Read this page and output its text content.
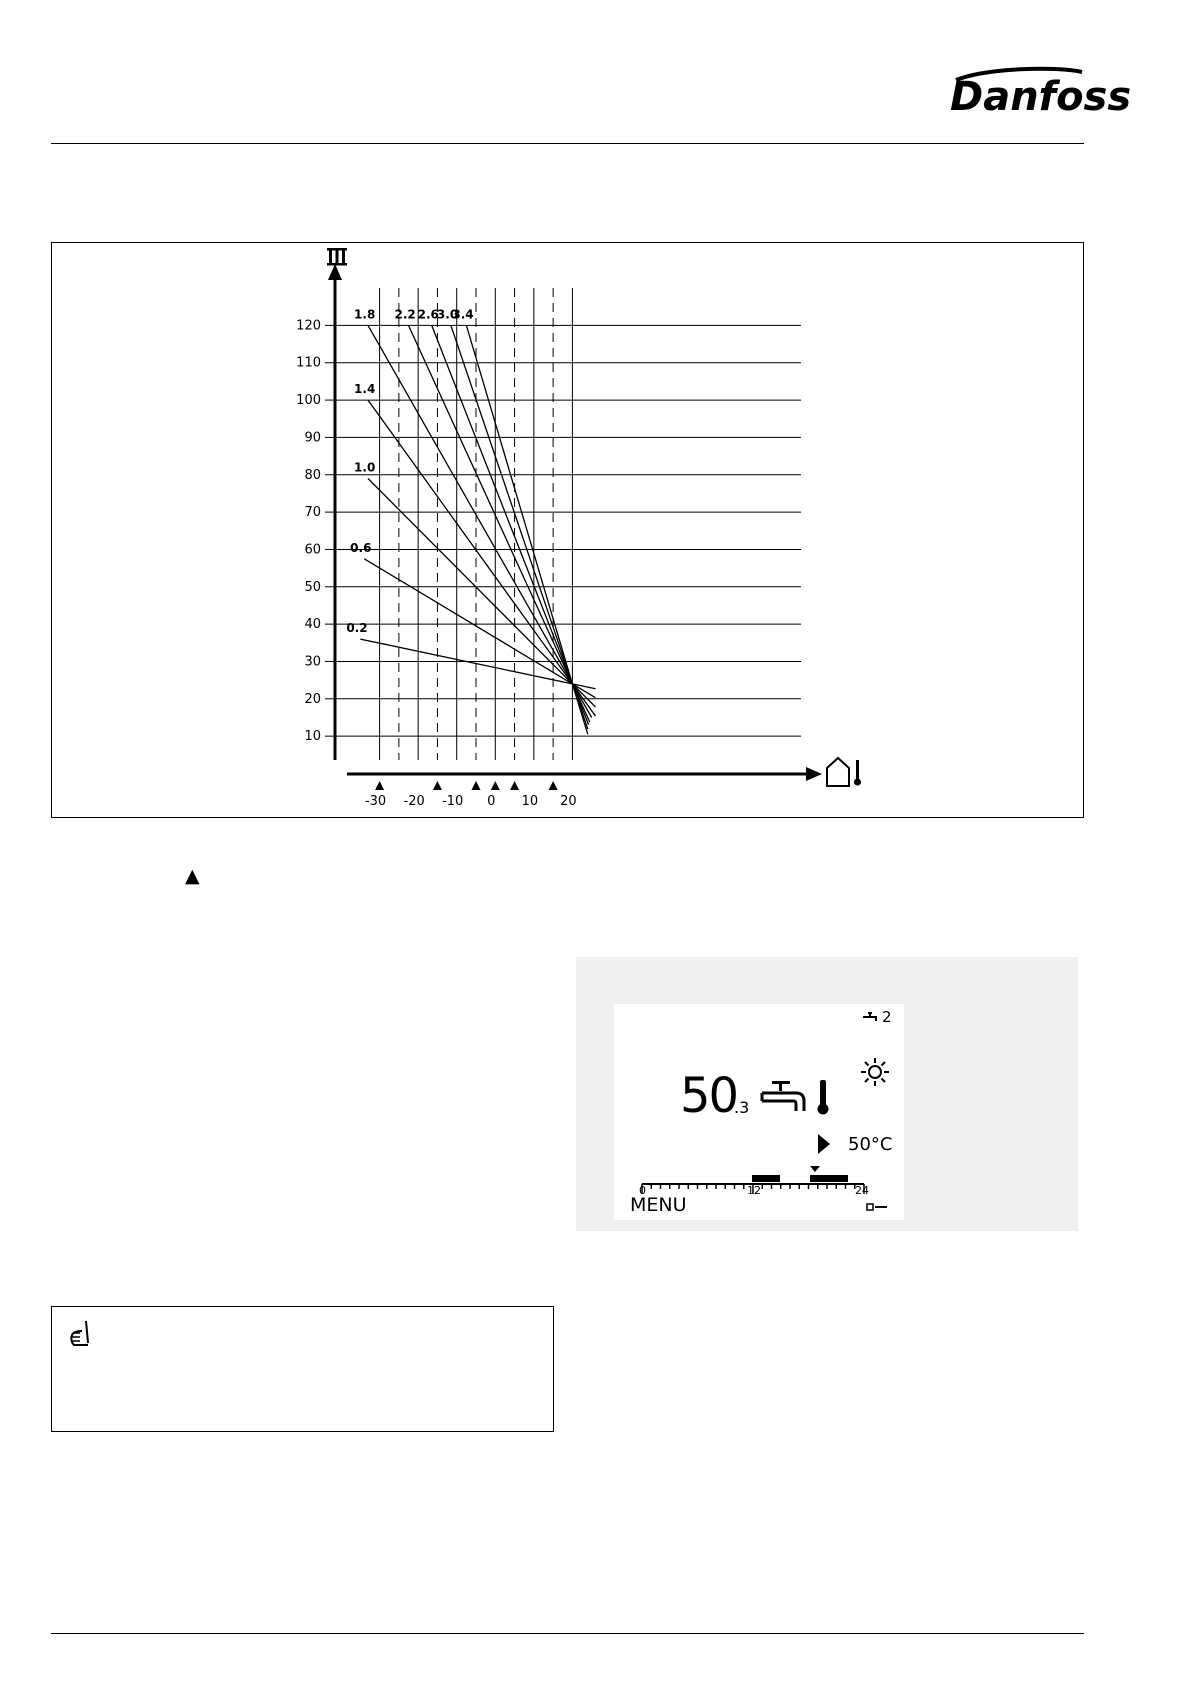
Danfoss
0.2
0.6
1.0
1.4
1.8 2.2 2.6
3.0
3.4
10
20
30
40
50
60
70
80
90
100
110
120
-30 -20 -10 0 10 20
▲
2
50
.3
50°C
0	12	24
MENU
